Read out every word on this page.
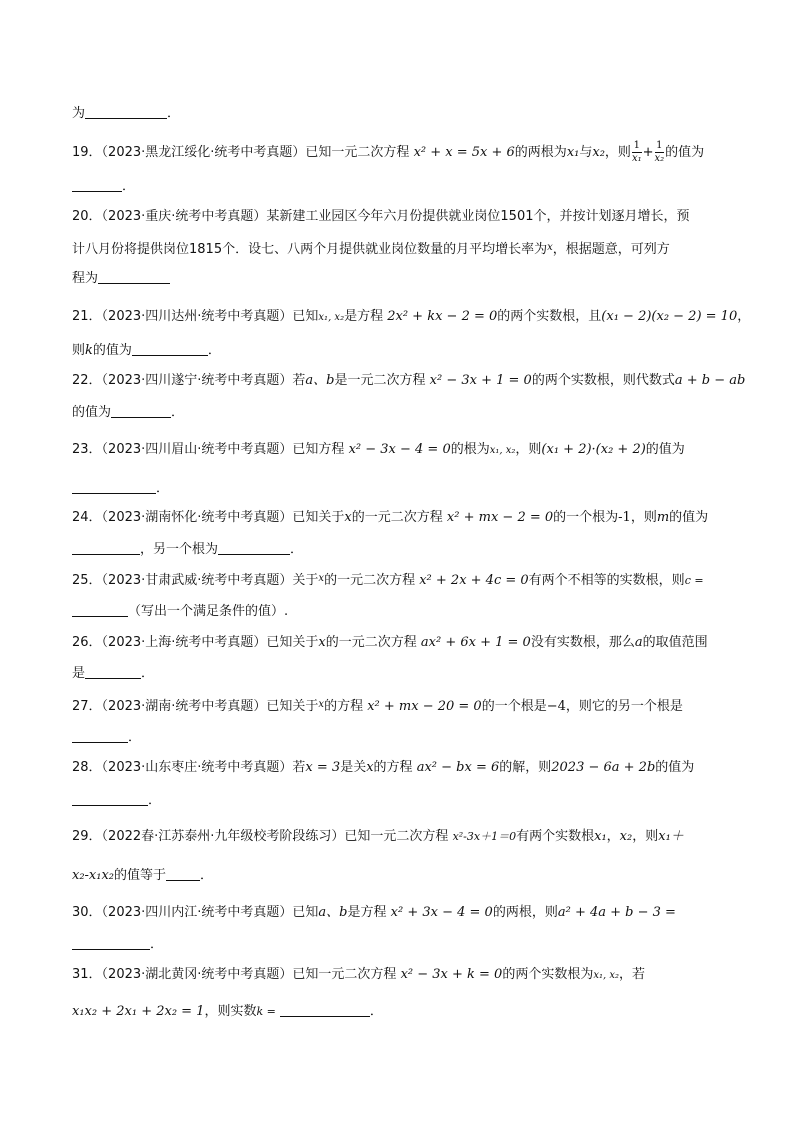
为	．
19．（2023·黑龙江绥化·统考中考真题）已知一元二次方程 x² + x = 5x + 6的两根为x₁与x₂，则 $\frac{1}{\text{x₁}} + \frac{1}{\text{x₂}}$ 的值为
．
20．（2023·重庆·统考中考真题）某新建工业园区今年六月份提供就业岗位1501个，并按计划逐月增长，预
计八月份将提供岗位1815个．设七、八两个月提供就业岗位数量的月平均增长率为$^x$，根据题意，可列方
程为
21．（2023·四川达州·统考中考真题）已知x₁, x₂是方程 2x² + kx − 2 = 0的两个实数根，且(x₁ − 2)(x₂ − 2) = 10，
则k的值为	．
22．（2023·四川遂宁·统考中考真题）若a、b是一元二次方程 x² − 3x + 1 = 0的两个实数根，则代数式a + b − ab
的值为	．
23．（2023·四川眉山·统考中考真题）已知方程 x² − 3x − 4 = 0的根为x₁, x₂，则(x₁ + 2)·(x₂ + 2)的值为
．
24．（2023·湖南怀化·统考中考真题）已知关于x的一元二次方程 x² + mx − 2 = 0的一个根为-1，则m的值为
，另一个根为	．
25．（2023·甘肃武威·统考中考真题）关于$^x$的一元二次方程 x² + 2x + 4c = 0有两个不相等的实数根，则c =
（写出一个满足条件的值）.
26．（2023·上海·统考中考真题）已知关于x的一元二次方程 ax² + 6x + 1 = 0没有实数根，那么a的取值范围
是	．
27．（2023·湖南·统考中考真题）已知关于$^x$的方程 x² + mx − 20 = 0的一个根是−4，则它的另一个根是
．
28．（2023·山东枣庄·统考中考真题）若x = 3是关x的方程 ax² − bx = 6的解，则2023 − 6a + 2b的值为
．
29．（2022春·江苏泰州·九年级校考阶段练习）已知一元二次方程 x²-3x＋1＝0有两个实数根x₁，x₂，则x₁＋
x₂-x₁x₂的值等于	．
30．（2023·四川内江·统考中考真题）已知a、b是方程 x² + 3x − 4 = 0的两根，则a² + 4a + b − 3 =
．
31．（2023·湖北黄冈·统考中考真题）已知一元二次方程 x² − 3x + k = 0的两个实数根为x₁, x₂，若
x₁x₂ + 2x₁ + 2x₂ = 1，则实数k =	．
